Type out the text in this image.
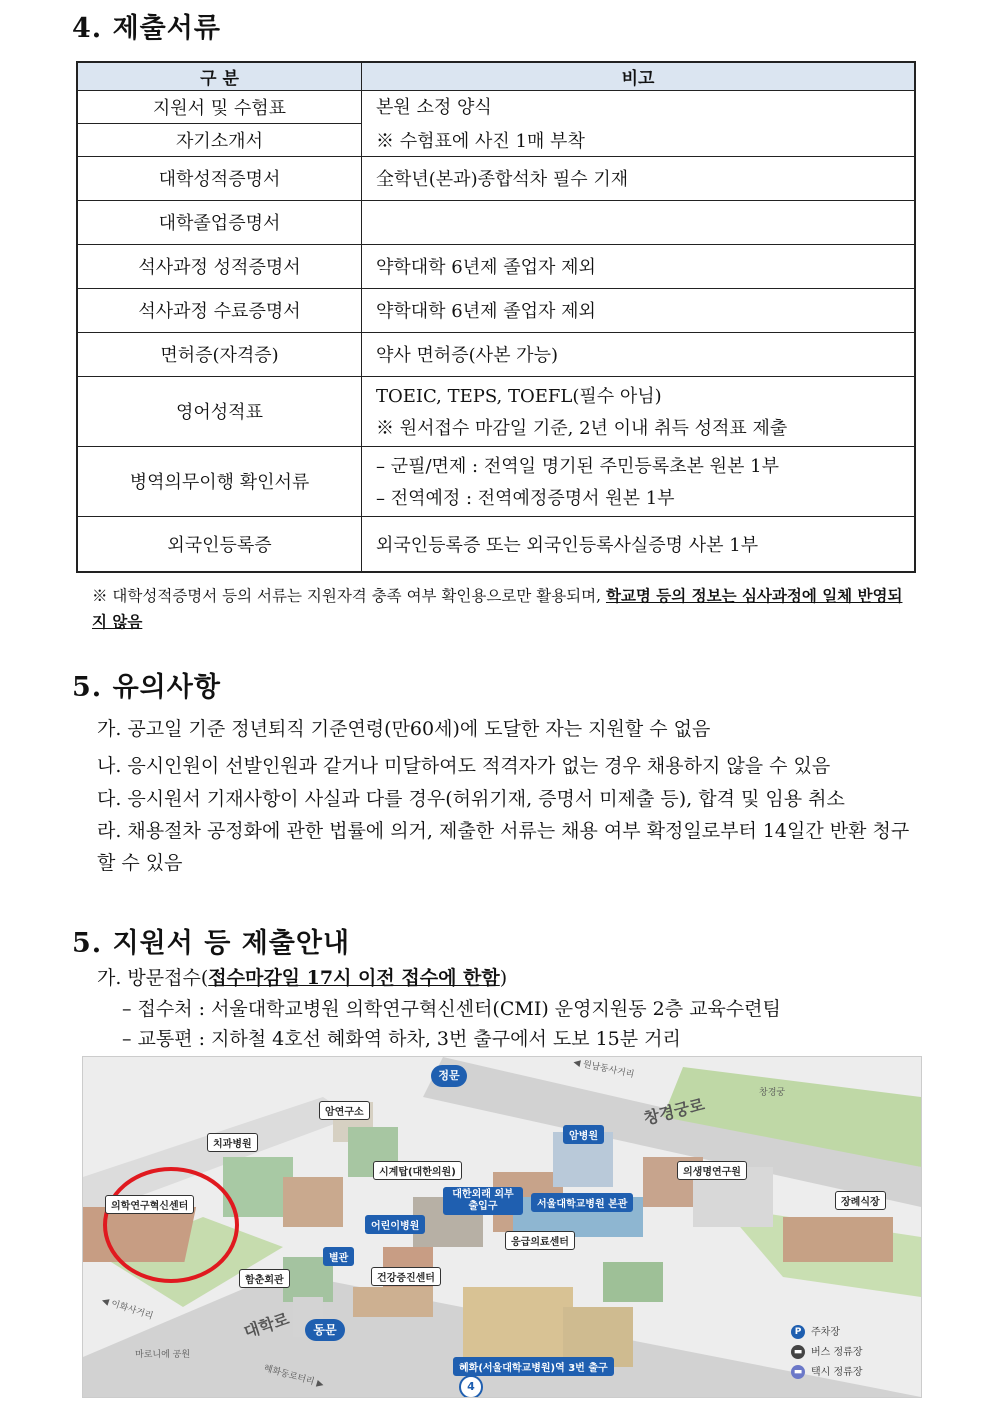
4. 제출서류
구 분	비고
지원서 및 수험표	본원 소정 양식
※ 수험표에 사진 1매 부착

자기소개서	
대학성적증명서	全학년(본과)종합석차 필수 기재
대학졸업증명서	
석사과정 성적증명서	약학대학 6년제 졸업자 제외
석사과정 수료증명서	약학대학 6년제 졸업자 제외
면허증(자격증)	약사 면허증(사본 가능)
영어성적표	TOEIC, TEPS, TOEFL(필수 아님)
※ 원서접수 마감일 기준, 2년 이내 취득 성적표 제출

병역의무이행 확인서류	– 군필/면제 : 전역일 명기된 주민등록초본 원본 1부
– 전역예정 : 전역예정증명서 원본 1부

외국인등록증	외국인등록증 또는 외국인등록사실증명 사본 1부
※ 대학성적증명서 등의 서류는 지원자격 충족 여부 확인용으로만 활용되며, 학교명 등의 정보는 심사과정에 일체 반영되지 않음
5. 유의사항
가. 공고일 기준 정년퇴직 기준연령(만60세)에 도달한 자는 지원할 수 없음
나. 응시인원이 선발인원과 같거나 미달하여도 적격자가 없는 경우 채용하지 않을 수 있음
다. 응시원서 기재사항이 사실과 다를 경우(허위기재, 증명서 미제출 등), 합격 및 임용 취소
라. 채용절차 공정화에 관한 법률에 의거, 제출한 서류는 채용 여부 확정일로부터 14일간 반환 청구할 수 있음
5. 지원서 등 제출안내
가. 방문접수(접수마감일 17시 이전 접수에 한함)
– 접수처 : 서울대학교병원 의학연구혁신센터(CMI) 운영지원동 2층 교육수련팀
– 교통편 : 지하철 4호선 혜화역 하차, 3번 출구에서 도보 15분 거리
정문
동문
암연구소
치과병원
의학연구혁신센터
시계탑(대한의원)
대한외래 외부출입구
어린이병원
별관
함춘회관	건강증진센터
응급의료센터
서울대학교병원 본관
암병원
의생명연구원
장례식장
창경궁
창경궁로
대학로
마로니에 공원
◀ 원남동사거리
◀ 이화사거리
혜화동로터리 ▶	혜화(서울대학교병원)역 3번 출구
4
P 주차장
▬ 버스 정류장
▬ 택시 정류장
